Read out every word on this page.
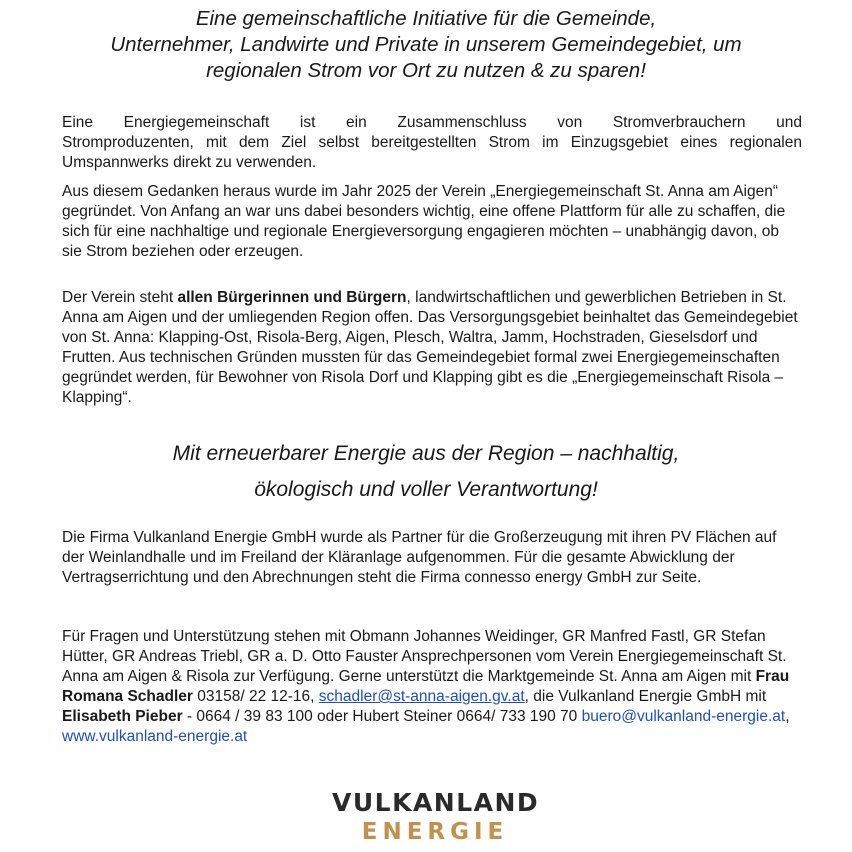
Eine gemeinschaftliche Initiative für die Gemeinde,

Unternehmer, Landwirte und Private in unserem Gemeindegebiet, um

regionalen Strom vor Ort zu nutzen & zu sparen!

Eine Energiegemeinschaft ist ein Zusammenschluss von Stromverbrauchern und
Stromproduzenten, mit dem Ziel selbst bereitgestellten Strom im Einzugsgebiet eines regionalen
Umspannwerks direkt zu verwenden.

Aus diesem Gedanken heraus wurde im Jahr 2025 der Verein „Energiegemeinschaft St. Anna am Aigen“ gegründet. Von Anfang an war uns dabei besonders wichtig, eine offene Plattform für alle zu schaffen, die sich für eine nachhaltige und regionale Energieversorgung engagieren möchten – unabhängig davon, ob sie Strom beziehen oder erzeugen.

Der Verein steht allen Bürgerinnen und Bürgern, landwirtschaftlichen und gewerblichen Betrieben in St. Anna am Aigen und der umliegenden Region offen. Das Versorgungsgebiet beinhaltet das Gemeindegebiet von St. Anna: Klapping-Ost, Risola-Berg, Aigen, Plesch, Waltra, Jamm, Hochstraden, Gieselsdorf und Frutten. Aus technischen Gründen mussten für das Gemeindegebiet formal zwei Energiegemeinschaften gegründet werden, für Bewohner von Risola Dorf und Klapping gibt es die „Energiegemeinschaft Risola – Klapping“.

Mit erneuerbarer Energie aus der Region – nachhaltig,

ökologisch und voller Verantwortung!

Die Firma Vulkanland Energie GmbH wurde als Partner für die Großerzeugung mit ihren PV Flächen auf der Weinlandhalle und im Freiland der Kläranlage aufgenommen. Für die gesamte Abwicklung der Vertragserrichtung und den Abrechnungen steht die Firma connesso energy GmbH zur Seite.

Für Fragen und Unterstützung stehen mit Obmann Johannes Weidinger, GR Manfred Fastl, GR Stefan Hütter, GR Andreas Triebl, GR a. D. Otto Fauster Ansprechpersonen vom Verein Energiegemeinschaft St. Anna am Aigen & Risola zur Verfügung. Gerne unterstützt die Marktgemeinde St. Anna am Aigen mit Frau Romana Schadler 03158/ 22 12-16, schadler@st-anna-aigen.gv.at, die Vulkanland Energie GmbH mit Elisabeth Pieber - 0664 / 39 83 100 oder Hubert Steiner 0664/ 733 190 70 buero@vulkanland-energie.at, www.vulkanland-energie.at

VULKANLAND
ENERGIE
